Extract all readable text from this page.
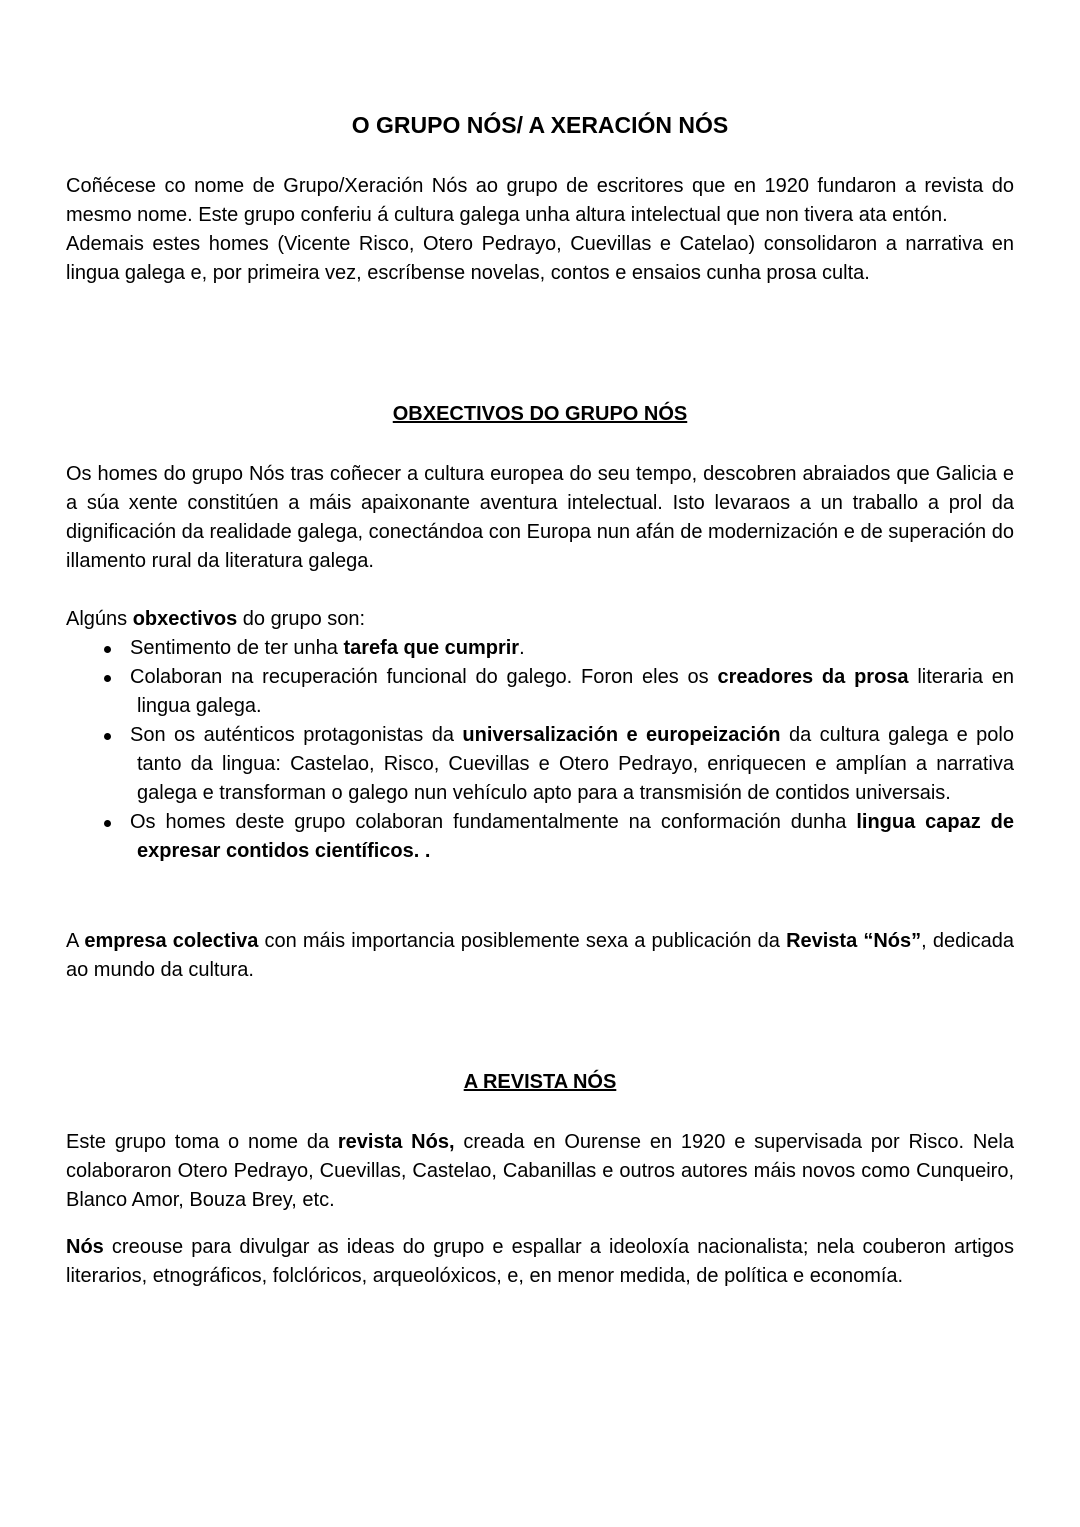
O GRUPO NÓS/ A XERACIÓN NÓS
Coñécese co nome de Grupo/Xeración Nós ao grupo de escritores que en 1920 fundaron a revista do mesmo nome. Este grupo conferiu á cultura galega unha altura intelectual que non tivera ata entón.
Ademais estes homes (Vicente Risco, Otero Pedrayo, Cuevillas e Catelao) consolidaron a narrativa en lingua galega e, por primeira vez, escríbense novelas, contos e ensaios cunha prosa culta.
OBXECTIVOS DO GRUPO NÓS
Os homes do grupo Nós tras coñecer a cultura europea do seu tempo, descobren abraiados que Galicia e a súa xente constitúen a máis apaixonante aventura intelectual. Isto levaraos a un traballo a prol da dignificación da realidade galega, conectándoa con Europa nun afán de modernización e de superación do illamento rural da literatura galega.
Algúns obxectivos do grupo son:
Sentimento de ter unha tarefa que cumprir.
Colaboran na recuperación funcional do galego. Foron eles os creadores da prosa literaria en lingua galega.
Son os auténticos protagonistas da universalización e europeización da cultura galega e polo tanto da lingua: Castelao, Risco, Cuevillas e Otero Pedrayo, enriquecen e amplían a narrativa galega e transforman o galego nun vehículo apto para a transmisión de contidos universais.
Os homes deste grupo colaboran fundamentalmente na conformación dunha lingua capaz de expresar contidos científicos. .
A empresa colectiva con máis importancia posiblemente sexa a publicación da Revista “Nós”, dedicada ao mundo da cultura.
A REVISTA NÓS
Este grupo toma o nome da revista Nós, creada en Ourense en 1920 e supervisada por Risco. Nela colaboraron Otero Pedrayo, Cuevillas, Castelao, Cabanillas e outros autores máis novos como Cunqueiro, Blanco Amor, Bouza Brey, etc.
Nós creouse para divulgar as ideas do grupo e espallar a ideoloxía nacionalista; nela couberon artigos literarios, etnográficos, folclóricos, arqueolóxicos, e, en menor medida, de política e economía.
